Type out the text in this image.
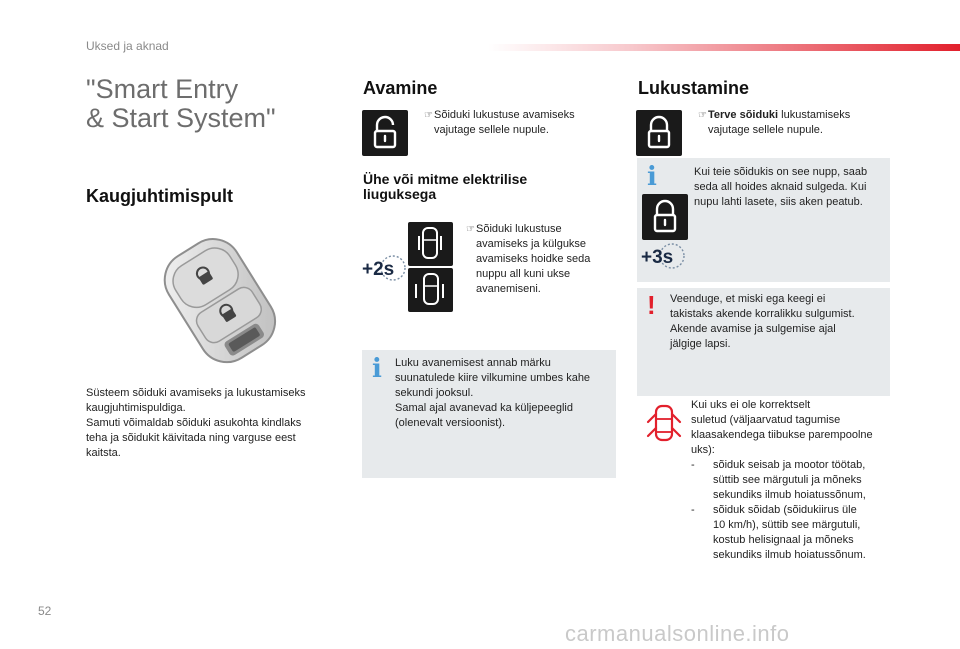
Uksed ja aknad
"Smart Entry
& Start System"
Kaugjuhtimispult
Süsteem sõiduki avamiseks ja lukustamiseks
kaugjuhtimispuldiga.
Samuti võimaldab sõiduki asukohta kindlaks
teha ja sõidukit käivitada ning varguse eest
kaitsta.
Avamine
☞ Sõiduki lukustuse avamiseks
vajutage sellele nupule.
Ühe või mitme elektrilise
liuguksega
+2s
☞ Sõiduki lukustuse
avamiseks ja külgukse
avamiseks hoidke seda
nuppu all kuni ukse
avanemiseni.
i Luku avanemisest annab märku
suunatulede kiire vilkumine umbes kahe
sekundi jooksul.
Samal ajal avanevad ka küljepeeglid
(olenevalt versioonist).
Lukustamine
☞ Terve sõiduki lukustamiseks
vajutage sellele nupule.
i
+3s
Kui teie sõidukis on see nupp, saab
seda all hoides aknaid sulgeda. Kui
nupu lahti lasete, siis aken peatub.
! Veenduge, et miski ega keegi ei
takistaks akende korralikku sulgumist.
Akende avamise ja sulgemise ajal
jälgige lapsi.
Kui uks ei ole korrektselt
suletud (väljaarvatud tagumise
klaasakendega tiibukse parempoolne
uks):
-	sõiduk seisab ja mootor töötab,
süttib see märgutuli ja mõneks
sekundiks ilmub hoiatussõnum,
-	sõiduk sõidab (sõidukiirus üle
10 km/h), süttib see märgutuli,
kostub helisignaal ja mõneks
sekundiks ilmub hoiatussõnum.
52
carmanualsonline.info
